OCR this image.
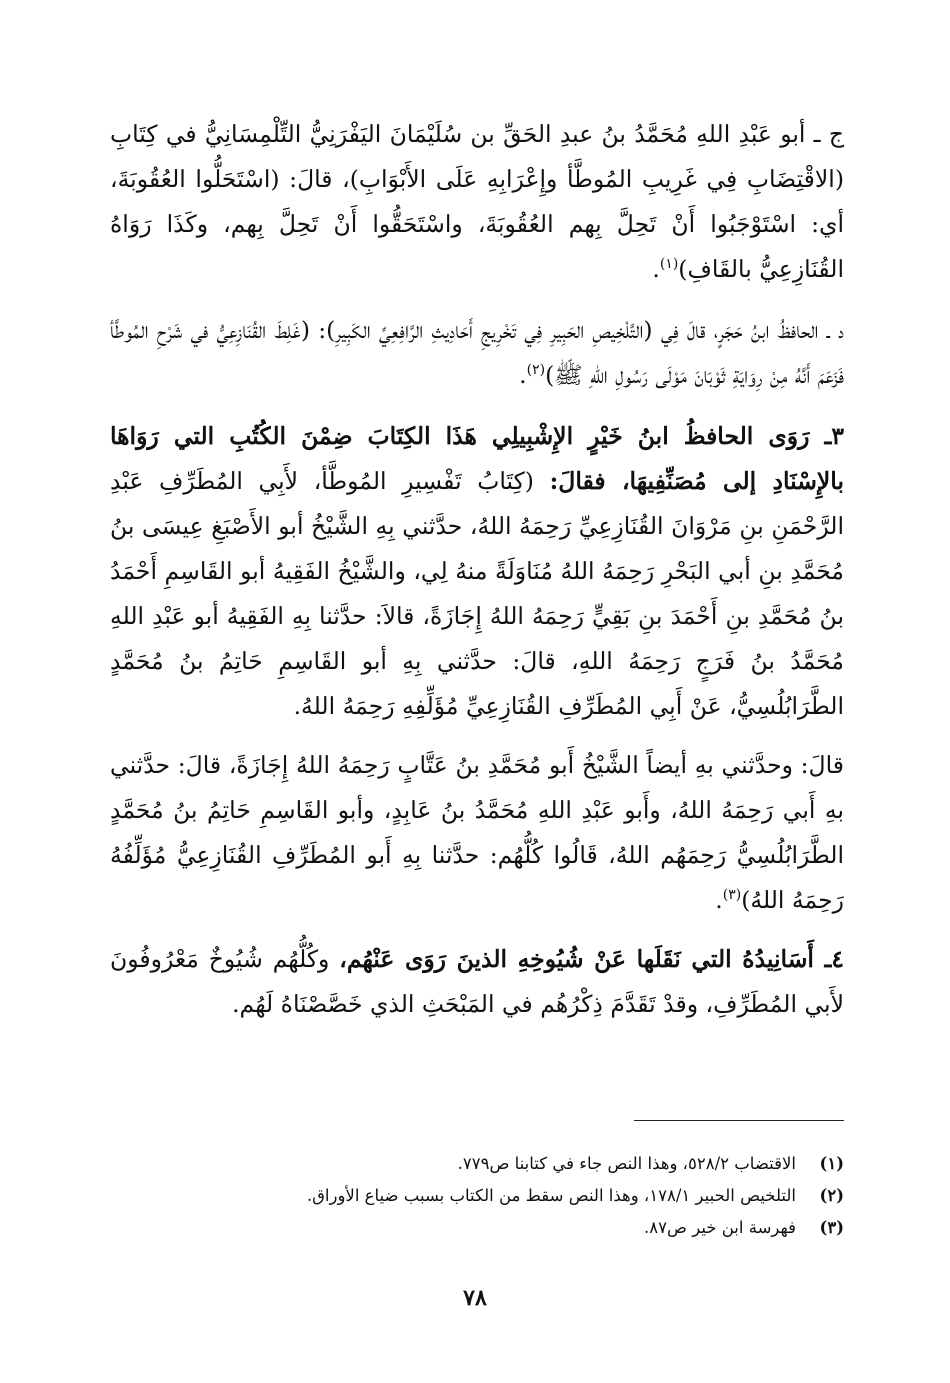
ج ـ أبو عَبْدِ اللهِ مُحَمَّدُ بنُ عبدِ الحَقِّ بن سُلَيْمَانَ اليَفْرَنِيُّ التِّلْمِسَانِيُّ في كِتَابِ (الاقْتِضَابِ فِي غَرِيبِ المُوطَّأ وإِعْرَابِهِ عَلَى الأَبْوَابِ)، قالَ: (اسْتَحَلُّوا العُقُوبَةَ، أي: اسْتَوْجَبُوا أَنْ تَحِلَّ بِهم العُقُوبَةَ، واسْتَحَقُّوا أَنْ تَحِلَّ بِهم، وكَذَا رَوَاهُ القُنَازِعِيُّ بالقَافِ)$^{(١)}$.

د ـ الحافظُ ابنُ حَجَرٍ، قالَ فِي (التَّلْخِيصِ الحَبِيرِ فِي تَخْرِيجِ أَحَادِيثِ الرَّافِعِيِّ الكَبِيرِ): (غَلِطَ القُنَازِعِيُّ في شَرْحِ المُوطَّأ فَزَعَمَ أَنَّهُ مِنْ رِوَايَةِ ثَوْبَانَ مَوْلَى رَسُولِ اللهِ ﷺ)$^{(٢)}$.

٣ـ رَوَى الحافظُ ابنُ خَيْرٍ الإِشْبِيلِي هَذَا الكِتَابَ ضِمْنَ الكُتُبِ التي رَوَاهَا بالإِسْنَادِ إلى مُصَنِّفِيهَا، فقالَ: (كِتَابُ تَفْسِيرِ المُوطَّأ، لأَبِي المُطَرِّفِ عَبْدِ الرَّحْمَنِ بنِ مَرْوَانَ القُنَازِعِيِّ رَحِمَهُ اللهُ، حدَّثني بِهِ الشَّيْخُ أبو الأَصْبَغِ عِيسَى بنُ مُحَمَّدِ بنِ أبي البَحْرِ رَحِمَهُ اللهُ مُنَاوَلَةً منهُ لِي، والشَّيْخُ الفَقِيهُ أبو القَاسِمِ أَحْمَدُ بنُ مُحَمَّدِ بنِ أَحْمَدَ بنِ بَقِيٍّ رَحِمَهُ اللهُ إِجَازَةً، قالاَ: حدَّثنا بِهِ الفَقِيهُ أبو عَبْدِ اللهِ مُحَمَّدُ بنُ فَرَجٍ رَحِمَهُ اللهِ، قالَ: حدَّثني بِهِ أبو القَاسِمِ حَاتِمُ بنُ مُحَمَّدٍ الطَّرَابُلُسِيُّ، عَنْ أَبِي المُطَرِّفِ القُنَازِعِيِّ مُؤَلِّفِهِ رَحِمَهُ اللهُ.

قالَ: وحدَّثني بهِ أيضاً الشَّيْخُ أَبو مُحَمَّدِ بنُ عَتَّابٍ رَحِمَهُ اللهُ إِجَازَةً، قالَ: حدَّثني بهِ أَبي رَحِمَهُ اللهُ، وأَبو عَبْدِ اللهِ مُحَمَّدُ بنُ عَابِدٍ، وأبو القَاسِمِ حَاتِمُ بنُ مُحَمَّدٍ الطَّرَابُلُسِيُّ رَحِمَهُم اللهُ، قَالُوا كُلُّهُم: حدَّثنا بِهِ أَبو المُطَرِّفِ القُنَازِعِيُّ مُؤَلِّفُهُ رَحِمَهُ اللهُ)$^{(٣)}$.

٤ـ أَسَانِيدُهُ التي نَقَلَها عَنْ شُيُوخِهِ الذينَ رَوَى عَنْهُم، وكُلُّهُم شُيُوخٌ مَعْرُوفُونَ لأَبي المُطَرِّفِ، وقدْ تَقَدَّمَ ذِكْرُهُم في المَبْحَثِ الذي خَصَّصْنَاهُ لَهُم.

(١)
الاقتضاب ٥٢٨/٢، وهذا النص جاء في كتابنا ص٧٧٩.
(٢)
التلخيص الحبير ١٧٨/١، وهذا النص سقط من الكتاب بسبب ضياع الأوراق.
(٣)
فهرسة ابن خير ص٨٧.
٧٨
